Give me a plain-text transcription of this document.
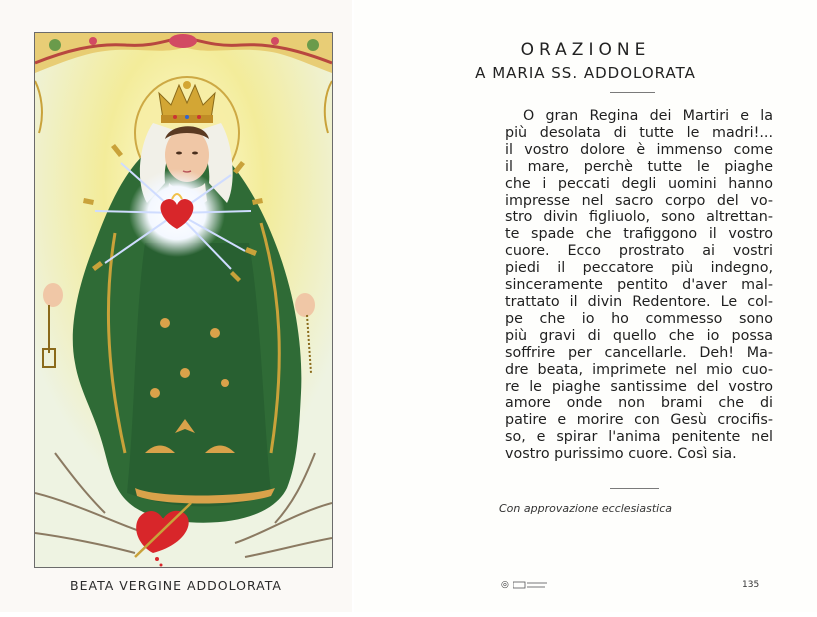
BEATA VERGINE ADDOLORATA
ORAZIONE
A MARIA SS. ADDOLORATA
O gran Regina dei Martiri e la
più desolata di tutte le madri!...
il vostro dolore è immenso come
il mare, perchè tutte le piaghe
che i peccati degli uomini hanno
impresse nel sacro corpo del vo-
stro divin figliuolo, sono altrettan-
te spade che trafiggono il vostro
cuore. Ecco prostrato ai vostri
piedi il peccatore più indegno,
sinceramente pentito d'aver mal-
trattato il divin Redentore. Le col-
pe che io ho commesso sono
più gravi di quello che io possa
soffrire per cancellarle. Deh! Ma-
dre beata, imprimete nel mio cuo-
re le piaghe santissime del vostro
amore onde non brami che di
patire e morire con Gesù crocifis-
so, e spirar l'anima penitente nel
vostro purissimo cuore. Così sia.
Con approvazione ecclesiastica
◎	135
